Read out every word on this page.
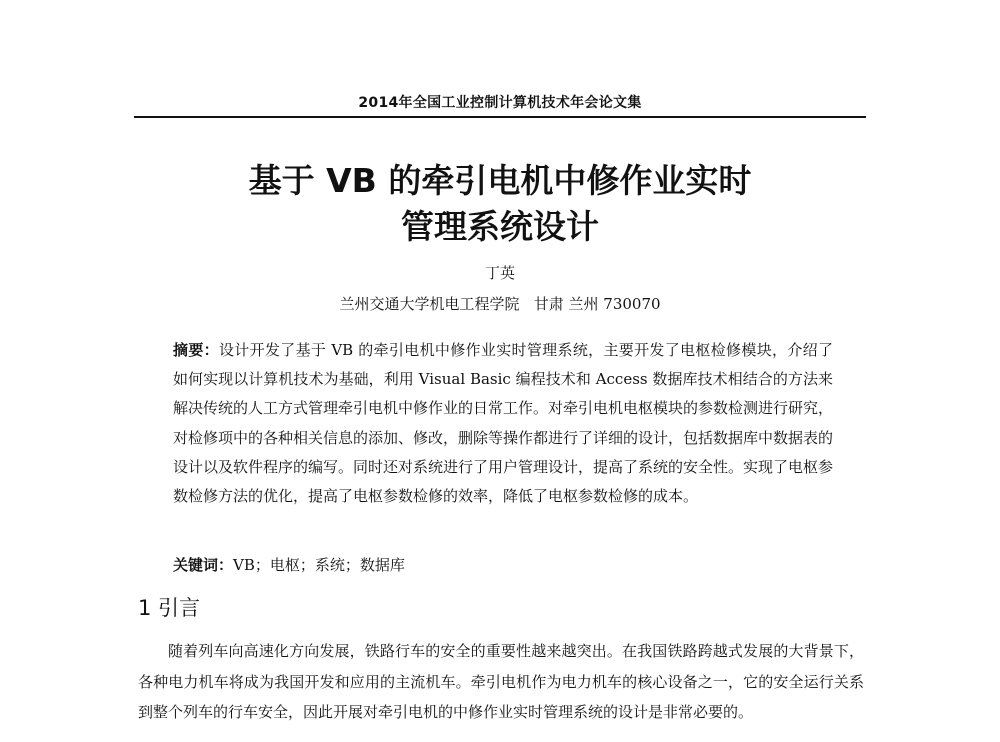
2014年全国工业控制计算机技术年会论文集
基于 VB 的牵引电机中修作业实时
管理系统设计
丁英
兰州交通大学机电工程学院   甘肃 兰州 730070
摘要：设计开发了基于 VB 的牵引电机中修作业实时管理系统，主要开发了电枢检修模块，介绍了如何实现以计算机技术为基础，利用 Visual Basic 编程技术和 Access 数据库技术相结合的方法来解决传统的人工方式管理牵引电机中修作业的日常工作。对牵引电机电枢模块的参数检测进行研究，对检修项中的各种相关信息的添加、修改，删除等操作都进行了详细的设计，包括数据库中数据表的设计以及软件程序的编写。同时还对系统进行了用户管理设计，提高了系统的安全性。实现了电枢参数检修方法的优化，提高了电枢参数检修的效率，降低了电枢参数检修的成本。
关键词：VB；电枢；系统；数据库
1 引言
随着列车向高速化方向发展，铁路行车的安全的重要性越来越突出。在我国铁路跨越式发展的大背景下，各种电力机车将成为我国开发和应用的主流机车。牵引电机作为电力机车的核心设备之一，它的安全运行关系到整个列车的行车安全，因此开展对牵引电机的中修作业实时管理系统的设计是非常必要的。
